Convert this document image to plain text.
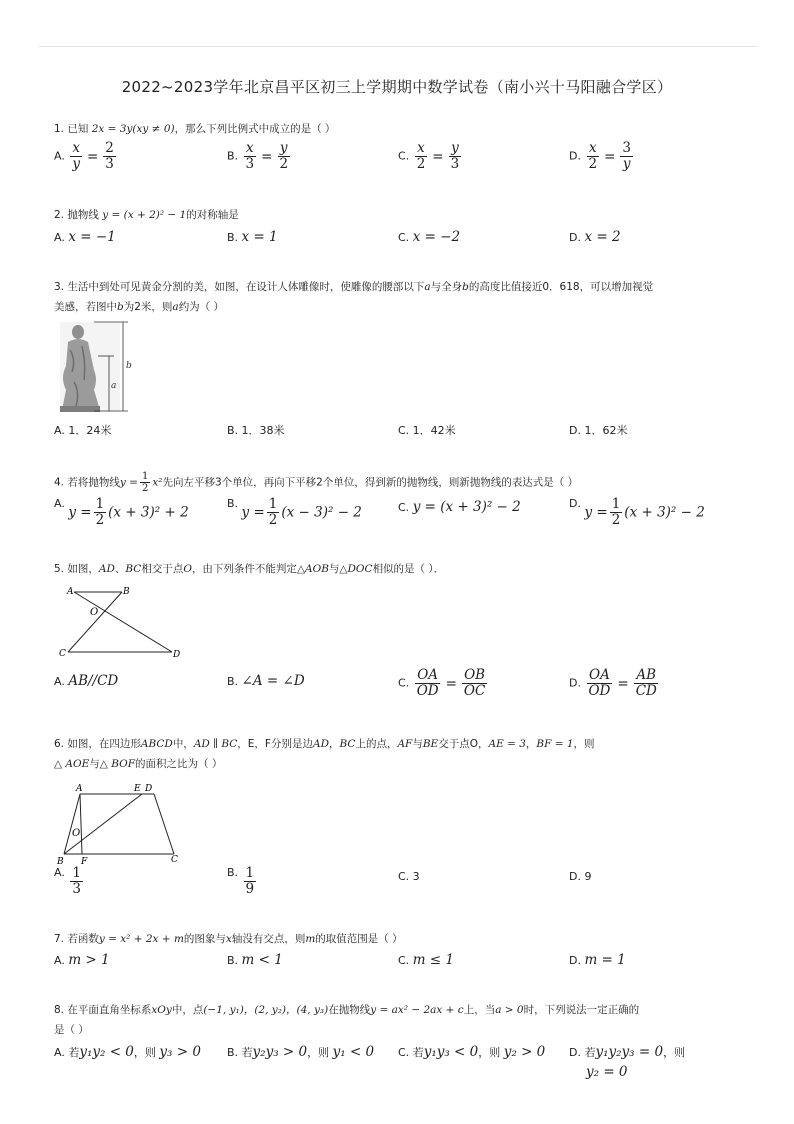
2022~2023学年北京昌平区初三上学期期中数学试卷（南小兴十马阳融合学区）
1. 已知 2x = 3y(xy ≠ 0)，那么下列比例式中成立的是（ ）
A. $\frac{x}{y} = \frac{2}{3}$	B. $\frac{x}{3} = \frac{y}{2}$	C. $\frac{x}{2} = \frac{y}{3}$	D. $\frac{x}{2} = \frac{3}{y}$
2. 抛物线 y = (x + 2)² − 1的对称轴是
A. x = −1	B. x = 1	C. x = −2	D. x = 2
3. 生活中到处可见黄金分割的美，如图，在设计人体雕像时，使雕像的腰部以下a与全身b的高度比值接近0．618，可以增加视觉
美感，若图中b为2米，则a约为（ ）
b
a
A. 1．24米	B. 1．38米	C. 1．42米	D. 1．62米
4. 若将抛物线$y = \frac{1}{2} x^2$先向左平移3个单位，再向下平移2个单位，得到新的抛物线，则新抛物线的表达式是（ ）
A. $y = \frac{1}{2} (x + 3)^2 + 2$
B. $y = \frac{1}{2} (x - 3)^2 - 2$	C. y = (x + 3)² − 2	D. $y = \frac{1}{2} (x + 3)^2 - 2$
5. 如图，AD、BC相交于点O，由下列条件不能判定△AOB与△DOC相似的是（ ）．
A	B
O
C	D
A. AB//CD	B. ∠A = ∠D	C. $\frac{OA}{OD} = \frac{OB}{OC}$	D. $\frac{OA}{OD} = \frac{AB}{CD}$
6. 如图，在四边形ABCD中，AD ∥ BC，E，F分别是边AD，BC上的点，AF与BE交于点O，AE = 3，BF = 1，则
△ AOE与△ BOF的面积之比为（ ）
A	E D
O
B F	C
A. $\frac{1}{3}$	B. $\frac{1}{9}$	C. 3	D. 9
7. 若函数y = x² + 2x + m的图象与x轴没有交点，则m的取值范围是（ ）
A. m > 1	B. m < 1	C. m ≤ 1	D. m = 1
8. 在平面直角坐标系xOy中，点(−1, y₁)，(2, y₂)，(4, y₃)在抛物线y = ax² − 2ax + c上，当a > 0时，下列说法一定正确的
是（ ）
A. 若y₁y₂ < 0，则 y₃ > 0 B. 若y₂y₃ > 0，则 y₁ < 0 C. 若y₁y₃ < 0，则 y₂ > 0 D. 若y₁y₂y₃ = 0，则
y₂ = 0
